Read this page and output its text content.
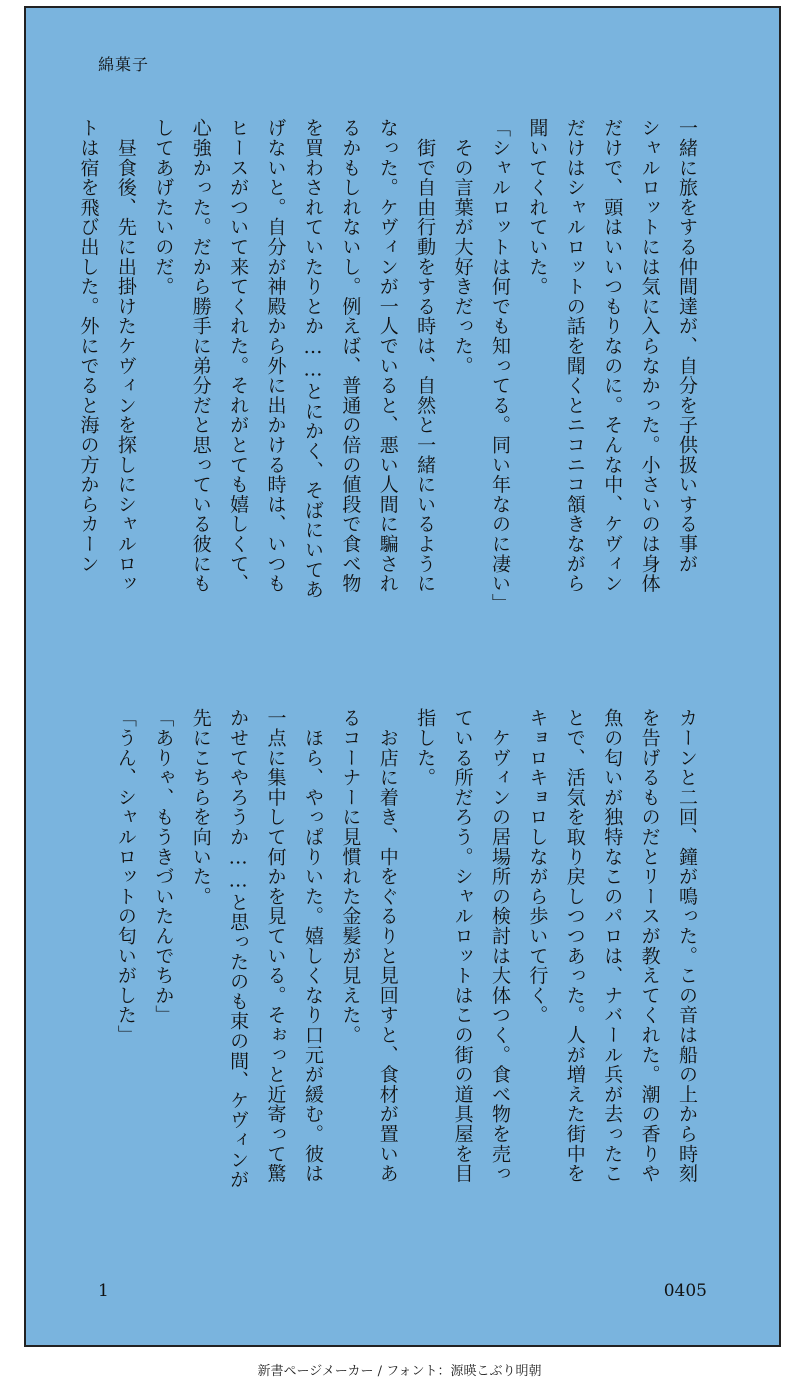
綿菓子

一緒に旅をする仲間達が、自分を子供扱いする事が

シャルロットには気に入らなかった。小さいのは身体

だけで、頭はいいつもりなのに。そんな中、ケヴィン

だけはシャルロットの話を聞くとニコニコ頷きながら

聞いてくれていた。

「シャルロットは何でも知ってる。同い年なのに凄い」

　その言葉が大好きだった。

　街で自由行動をする時は、自然と一緒にいるように

なった。ケヴィンが一人でいると、悪い人間に騙され

るかもしれないし。例えば、普通の倍の値段で食べ物

を買わされていたりとか……とにかく、そばにいてあ

げないと。自分が神殿から外に出かける時は、いつも

ヒースがついて来てくれた。それがとても嬉しくて、

心強かった。だから勝手に弟分だと思っている彼にも

してあげたいのだ。

　昼食後、先に出掛けたケヴィンを探しにシャルロッ

トは宿を飛び出した。外にでると海の方からカーン

カーンと二回、鐘が鳴った。この音は船の上から時刻

を告げるものだとリースが教えてくれた。潮の香りや

魚の匂いが独特なこのパロは、ナバール兵が去ったこ

とで、活気を取り戻しつつあった。人が増えた街中を

キョロキョロしながら歩いて行く。

　ケヴィンの居場所の検討は大体つく。食べ物を売っ

ている所だろう。シャルロットはこの街の道具屋を目

指した。

　お店に着き、中をぐるりと見回すと、食材が置いあ

るコーナーに見慣れた金髪が見えた。

　ほら、やっぱりいた。嬉しくなり口元が緩む。彼は

一点に集中して何かを見ている。そぉっと近寄って驚

かせてやろうか……と思ったのも束の間、ケヴィンが

先にこちらを向いた。

「ありゃ、もうきづいたんでちか」

「うん、シャルロットの匂いがした」

1	0405
新書ページメーカー / フォント：源暎こぶり明朝
